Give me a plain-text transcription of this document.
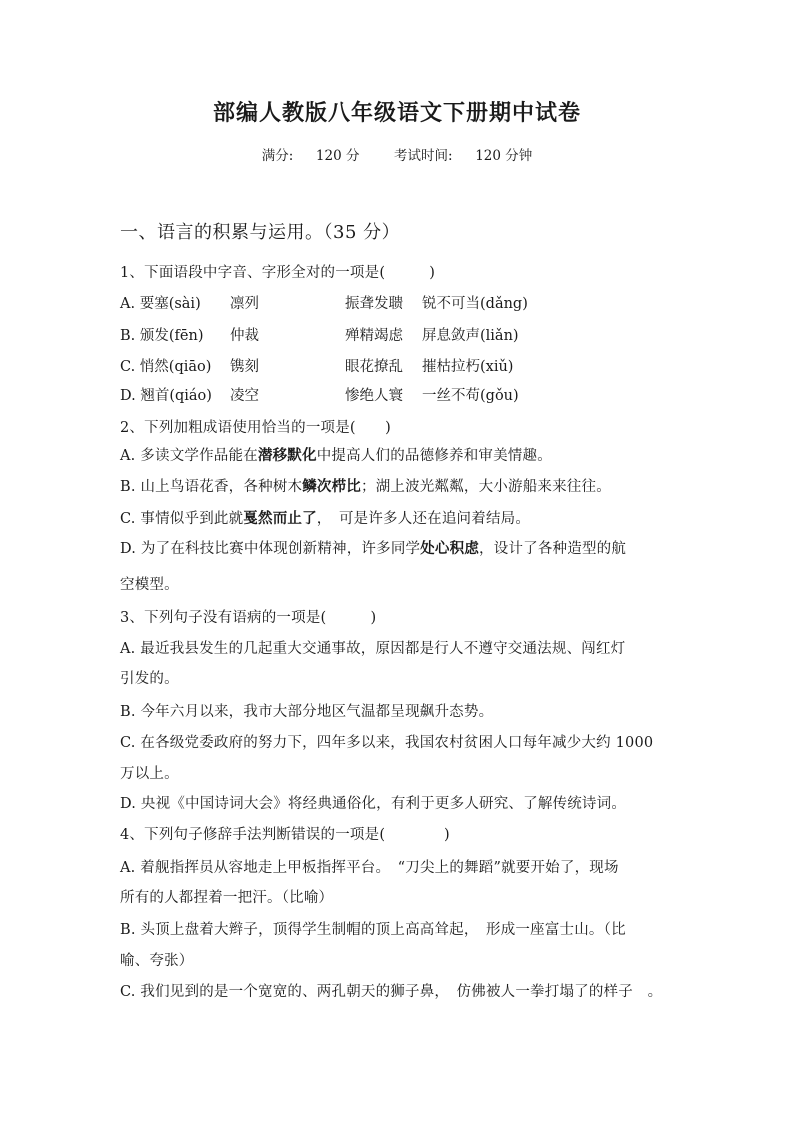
部编人教版八年级语文下册期中试卷
满分: 120 分	考试时间: 120 分钟
一、语言的积累与运用。（35 分）
1、下面语段中字音、字形全对的一项是(　　　)
A. 要塞(sài) 凛列	振聋发聩 锐不可当(dǎng)
B. 颁发(fēn) 仲裁	殚精竭虑 屏息敛声(liǎn)
C. 悄然(qiāo) 镌刻	眼花撩乱 摧枯拉朽(xiǔ)
D. 翘首(qiáo) 凌空	惨绝人寰 一丝不苟(gǒu)
2、下列加粗成语使用恰当的一项是(　　)
A. 多读文学作品能在潜移默化中提高人们的品德修养和审美情趣。
B. 山上鸟语花香，各种树木鳞次栉比；湖上波光粼粼，大小游船来来往往。
C. 事情似乎到此就戛然而止了，　可是许多人还在追问着结局。
D. 为了在科技比赛中体现创新精神，许多同学处心积虑，设计了各种造型的航
空模型。
3、下列句子没有语病的一项是(　　　)
A. 最近我县发生的几起重大交通事故，原因都是行人不遵守交通法规、闯红灯
引发的。
B. 今年六月以来，我市大部分地区气温都呈现飙升态势。
C. 在各级党委政府的努力下，四年多以来，我国农村贫困人口每年减少大约 1000
万以上。
D. 央视《中国诗词大会》将经典通俗化，有利于更多人研究、了解传统诗词。
4、下列句子修辞手法判断错误的一项是(　　　　)
A. 着舰指挥员从容地走上甲板指挥平台。　“刀尖上的舞蹈”就要开始了，现场
所有的人都捏着一把汗。（比喻）
B. 头顶上盘着大辫子，顶得学生制帽的顶上高高耸起，　形成一座富士山。（比
喻、夸张）
C. 我们见到的是一个宽宽的、两孔朝天的狮子鼻，　仿佛被人一拳打塌了的样子　。
